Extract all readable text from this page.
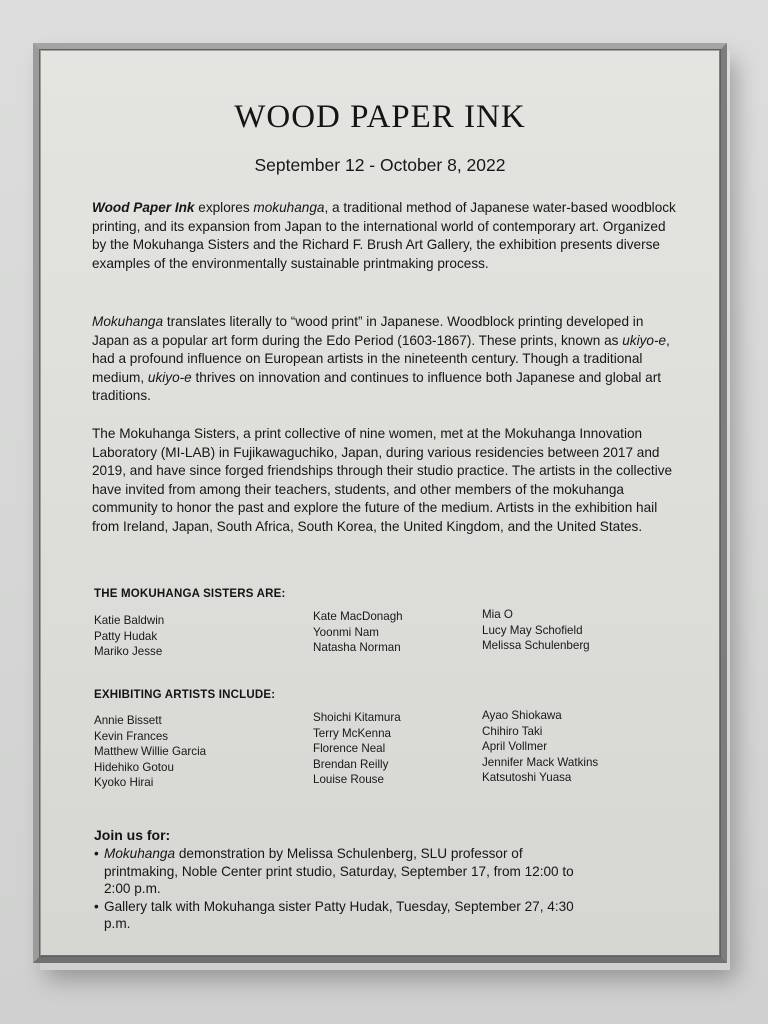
WOOD PAPER INK
September 12 - October 8, 2022
Wood Paper Ink explores mokuhanga, a traditional method of Japanese water-based woodblock printing, and its expansion from Japan to the international world of contemporary art. Organized by the Mokuhanga Sisters and the Richard F. Brush Art Gallery, the exhibition presents diverse examples of the environmentally sustainable printmaking process.
Mokuhanga translates literally to “wood print” in Japanese. Woodblock printing developed in Japan as a popular art form during the Edo Period (1603-1867). These prints, known as ukiyo-e, had a profound influence on European artists in the nineteenth century. Though a traditional medium, ukiyo-e thrives on innovation and continues to influence both Japanese and global art traditions.
The Mokuhanga Sisters, a print collective of nine women, met at the Mokuhanga Innovation Laboratory (MI-LAB) in Fujikawaguchiko, Japan, during various residencies between 2017 and 2019, and have since forged friendships through their studio practice. The artists in the collective have invited from among their teachers, students, and other members of the mokuhanga community to honor the past and explore the future of the medium. Artists in the exhibition hail from Ireland, Japan, South Africa, South Korea, the United Kingdom, and the United States.
THE MOKUHANGA SISTERS ARE:
Katie Baldwin
Patty Hudak
Mariko Jesse
Kate MacDonagh
Yoonmi Nam
Natasha Norman
Mia O
Lucy May Schofield
Melissa Schulenberg
EXHIBITING ARTISTS INCLUDE:
Annie Bissett
Kevin Frances
Matthew Willie Garcia
Hidehiko Gotou
Kyoko Hirai
Shoichi Kitamura
Terry McKenna
Florence Neal
Brendan Reilly
Louise Rouse
Ayao Shiokawa
Chihiro Taki
April Vollmer
Jennifer Mack Watkins
Katsutoshi Yuasa
Join us for:
• Mokuhanga demonstration by Melissa Schulenberg, SLU professor of printmaking, Noble Center print studio, Saturday, September 17, from 12:00 to 2:00 p.m.
• Gallery talk with Mokuhanga sister Patty Hudak, Tuesday, September 27, 4:30 p.m.
